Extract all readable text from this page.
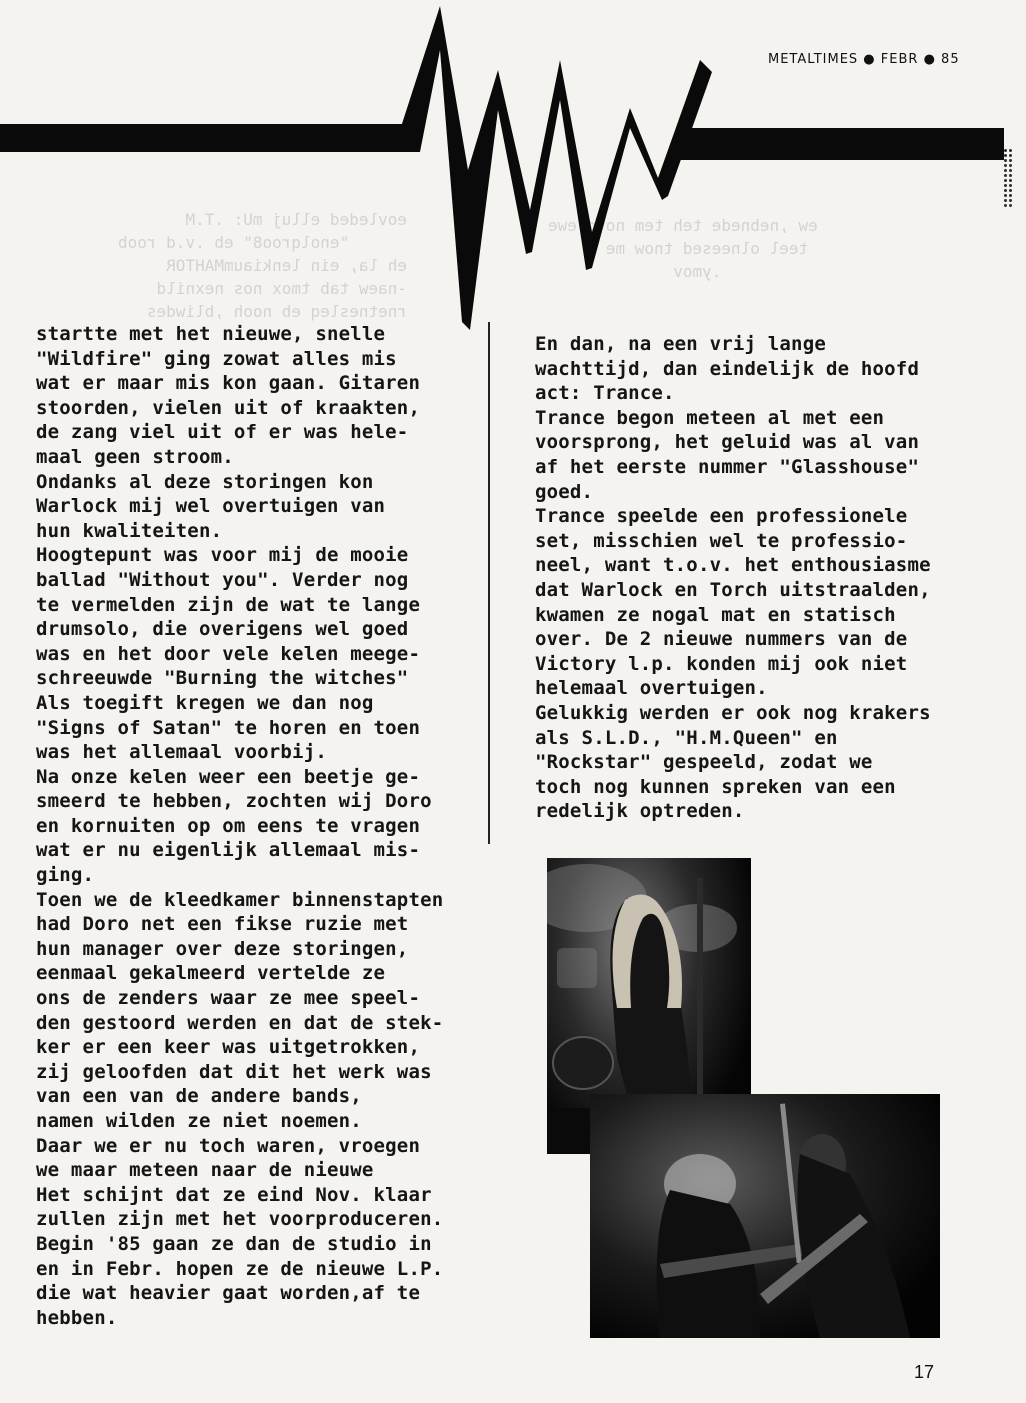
eovleded elluj mU: .T.M
"enolqroo8" eb .v.d roob
eh la, ein lenkiaumMAHTOR
-naew tab tmox nos nexnild
rnetnesleq eb nooh ,bliwdes
ew ,nebnede teh tem novo ewe
teel olneesed tnow me
.ymov
METALTIMES ● FEBR ● 85
startte met het nieuwe, snelle
"Wildfire" ging zowat alles mis
wat er maar mis kon gaan. Gitaren
stoorden, vielen uit of kraakten,
de zang viel uit of er was hele-
maal geen stroom.
Ondanks al deze storingen kon
Warlock mij wel overtuigen van
hun kwaliteiten.
Hoogtepunt was voor mij de mooie
ballad "Without you". Verder nog
te vermelden zijn de wat te lange
drumsolo, die overigens wel goed
was en het door vele kelen meege-
schreeuwde "Burning the witches"
Als toegift kregen we dan nog
"Signs of Satan" te horen en toen
was het allemaal voorbij.
Na onze kelen weer een beetje ge-
smeerd te hebben, zochten wij Doro
en kornuiten op om eens te vragen
wat er nu eigenlijk allemaal mis-
ging.
Toen we de kleedkamer binnenstapten
had Doro net een fikse ruzie met
hun manager over deze storingen,
eenmaal gekalmeerd vertelde ze
ons de zenders waar ze mee speel-
den gestoord werden en dat de stek-
ker er een keer was uitgetrokken,
zij geloofden dat dit het werk was
van een van de andere bands,
namen wilden ze niet noemen.
Daar we er nu toch waren, vroegen
we maar meteen naar de nieuwe
Het schijnt dat ze eind Nov. klaar
zullen zijn met het voorproduceren.
Begin '85 gaan ze dan de studio in
en in Febr. hopen ze de nieuwe L.P.
die wat heavier gaat worden,af te
hebben.
En dan, na een vrij lange
wachttijd, dan eindelijk de hoofd
act: Trance.
Trance begon meteen al met een
voorsprong, het geluid was al van
af het eerste nummer "Glasshouse"
goed.
Trance speelde een professionele
set, misschien wel te professio-
neel, want t.o.v. het enthousiasme
dat Warlock en Torch uitstraalden,
kwamen ze nogal mat en statisch
over. De 2 nieuwe nummers van de
Victory l.p. konden mij ook niet
helemaal overtuigen.
Gelukkig werden er ook nog krakers
als S.L.D., "H.M.Queen" en
"Rockstar" gespeeld, zodat we
toch nog kunnen spreken van een
redelijk optreden.
17
